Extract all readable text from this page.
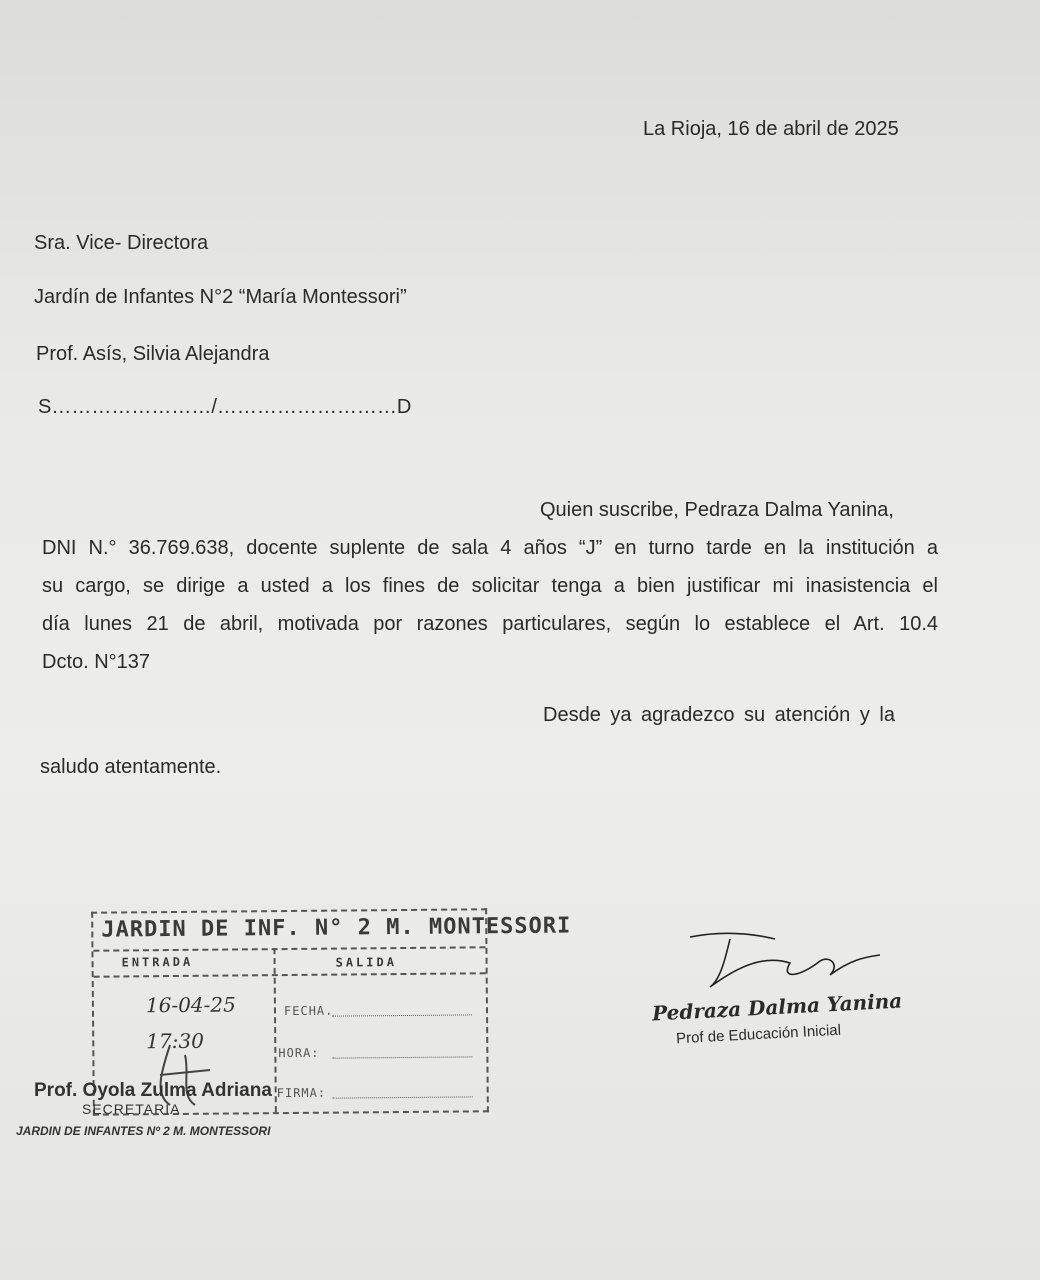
La Rioja, 16 de abril de 2025

Sra. Vice- Directora

Jardín de Infantes N°2 “María Montessori”

Prof. Asís, Silvia Alejandra

S……………………/………………………D

Quien suscribe, Pedraza Dalma Yanina,

DNI N.° 36.769.638, docente suplente de sala 4 años “J” en turno tarde en la institución a
su cargo, se dirige a usted a los fines de solicitar tenga a bien justificar mi inasistencia el
día lunes 21 de abril, motivada por razones particulares, según lo establece el Art. 10.4
Dcto. N°137

Desde ya agradezco su atención y la

saludo atentamente.

JARDIN DE INF. N° 2 M. MONTESSORI
ENTRADA	SALIDA
16-04-25
17:30
FECHA.
HORA:
FIRMA:
Prof. Oyola Zulma Adriana
SECRETARIA
JARDIN DE INFANTES Nº 2 M. MONTESSORI
Pedraza Dalma Yanina
Prof de Educación Inicial
